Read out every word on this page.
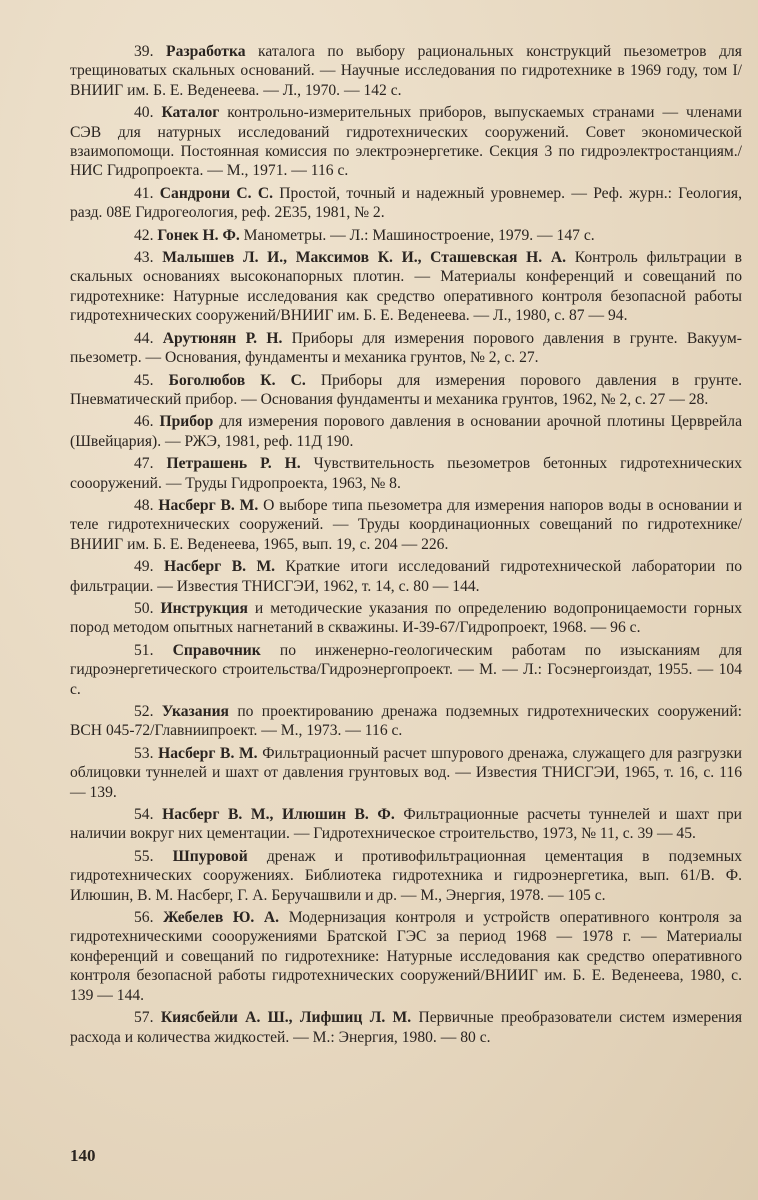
39. Разработка каталога по выбору рациональных конструкций пьезометров для трещиноватых скальных оснований. — Научные исследования по гидротехнике в 1969 году, том I/ВНИИГ им. Б. Е. Веденеева. — Л., 1970. — 142 с.

40. Каталог контрольно-измерительных приборов, выпускаемых странами — членами СЭВ для натурных исследований гидротехнических сооружений. Совет экономической взаимопомощи. Постоянная комиссия по электроэнергетике. Секция 3 по гидроэлектростанциям./НИС Гидропроекта. — М., 1971. — 116 с.

41. Сандрони С. С. Простой, точный и надежный уровнемер. — Реф. журн.: Геология, разд. 08Е Гидрогеология, реф. 2Е35, 1981, № 2.

42. Гонек Н. Ф. Манометры. — Л.: Машиностроение, 1979. — 147 с.

43. Малышев Л. И., Максимов К. И., Сташевская Н. А. Контроль фильтрации в скальных основаниях высоконапорных плотин. — Материалы конференций и совещаний по гидротехнике: Натурные исследования как средство оперативного контроля безопасной работы гидротехнических сооружений/ВНИИГ им. Б. Е. Веденеева. — Л., 1980, с. 87 — 94.

44. Арутюнян Р. Н. Приборы для измерения порового давления в грунте. Вакуум-пьезометр. — Основания, фундаменты и механика грунтов, № 2, с. 27.

45. Боголюбов К. С. Приборы для измерения порового давления в грунте. Пневматический прибор. — Основания фундаменты и механика грунтов, 1962, № 2, с. 27 — 28.

46. Прибор для измерения порового давления в основании арочной плотины Церврейла (Швейцария). — РЖЭ, 1981, реф. 11Д 190.

47. Петрашень Р. Н. Чувствительность пьезометров бетонных гидротехнических соооружений. — Труды Гидропроекта, 1963, № 8.

48. Насберг В. М. О выборе типа пьезометра для измерения напоров воды в основании и теле гидротехнических сооружений. — Труды координационных совещаний по гидротехнике/ВНИИГ им. Б. Е. Веденеева, 1965, вып. 19, с. 204 — 226.

49. Насберг В. М. Краткие итоги исследований гидротехнической лаборатории по фильтрации. — Известия ТНИСГЭИ, 1962, т. 14, с. 80 — 144.

50. Инструкция и методические указания по определению водопроницаемости горных пород методом опытных нагнетаний в скважины. И-39-67/Гидропроект, 1968. — 96 с.

51. Справочник по инженерно-геологическим работам по изысканиям для гидроэнергетического строительства/Гидроэнергопроект. — М. — Л.: Госэнергоиздат, 1955. — 104 с.

52. Указания по проектированию дренажа подземных гидротехнических сооружений: ВСН 045-72/Главниипроект. — М., 1973. — 116 с.

53. Насберг В. М. Фильтрационный расчет шпурового дренажа, служащего для разгрузки облицовки туннелей и шахт от давления грунтовых вод. — Известия ТНИСГЭИ, 1965, т. 16, с. 116 — 139.

54. Насберг В. М., Илюшин В. Ф. Фильтрационные расчеты туннелей и шахт при наличии вокруг них цементации. — Гидротехническое строительство, 1973, № 11, с. 39 — 45.

55. Шпуровой дренаж и противофильтрационная цементация в подземных гидротехнических сооружениях. Библиотека гидротехника и гидроэнергетика, вып. 61/В. Ф. Илюшин, В. М. Насберг, Г. А. Беручашвили и др. — М., Энергия, 1978. — 105 с.

56. Жебелев Ю. А. Модернизация контроля и устройств оперативного контроля за гидротехническими соооружениями Братской ГЭС за период 1968 — 1978 г. — Материалы конференций и совещаний по гидротехнике: Натурные исследования как средство оперативного контроля безопасной работы гидротехнических сооружений/ВНИИГ им. Б. Е. Веденеева, 1980, с. 139 — 144.

57. Киясбейли А. Ш., Лифшиц Л. М. Первичные преобразователи систем измерения расхода и количества жидкостей. — М.: Энергия, 1980. — 80 с.

140
